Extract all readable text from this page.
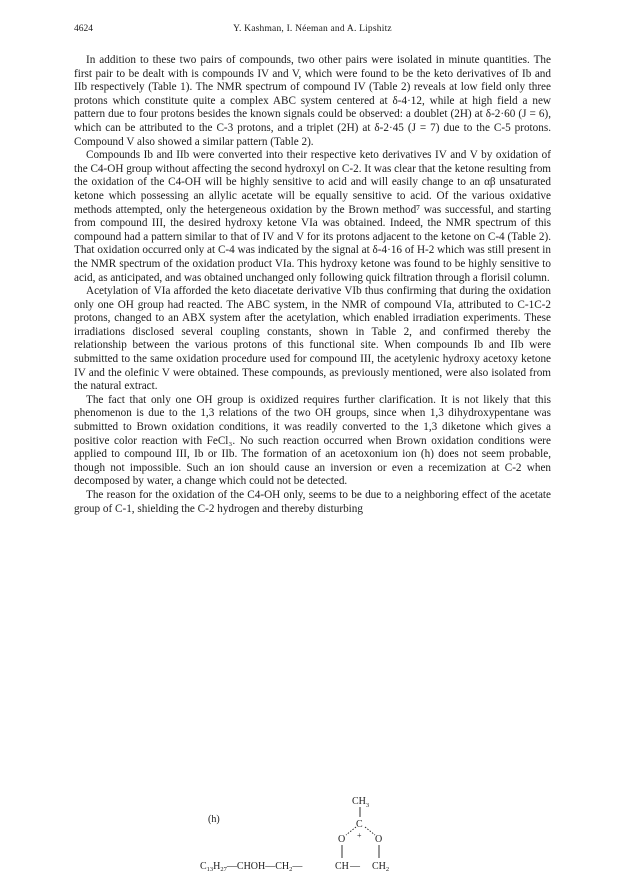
4624	Y. Kashman, I. Néeman and A. Lipshitz

In addition to these two pairs of compounds, two other pairs were isolated in minute quantities. The first pair to be dealt with is compounds IV and V, which were found to be the keto derivatives of Ib and IIb respectively (Table 1). The NMR spectrum of compound IV (Table 2) reveals at low field only three protons which constitute quite a complex ABC system centered at δ-4·12, while at high field a new pattern due to four protons besides the known signals could be observed: a doublet (2H) at δ-2·60 (J = 6), which can be attributed to the C-3 protons, and a triplet (2H) at δ-2·45 (J = 7) due to the C-5 protons. Compound V also showed a similar pattern (Table 2).

Compounds Ib and IIb were converted into their respective keto derivatives IV and V by oxidation of the C4-OH group without affecting the second hydroxyl on C-2. It was clear that the ketone resulting from the oxidation of the C4-OH will be highly sensitive to acid and will easily change to an αβ unsaturated ketone which possessing an allylic acetate will be equally sensitive to acid. Of the various oxidative methods attempted, only the hetergeneous oxidation by the Brown method⁷ was successful, and starting from compound III, the desired hydroxy ketone VIa was obtained. Indeed, the NMR spectrum of this compound had a pattern similar to that of IV and V for its protons adjacent to the ketone on C-4 (Table 2). That oxidation occurred only at C-4 was indicated by the signal at δ-4·16 of H-2 which was still present in the NMR spectrum of the oxidation product VIa. This hydroxy ketone was found to be highly sensitive to acid, as anticipated, and was obtained unchanged only following quick filtration through a florisil column.

Acetylation of VIa afforded the keto diacetate derivative VIb thus confirming that during the oxidation only one OH group had reacted. The ABC system, in the NMR of compound VIa, attributed to C-1C-2 protons, changed to an ABX system after the acetylation, which enabled irradiation experiments. These irradiations disclosed several coupling constants, shown in Table 2, and confirmed thereby the relationship between the various protons of this functional site. When compounds Ib and IIb were submitted to the same oxidation procedure used for compound III, the acetylenic hydroxy acetoxy ketone IV and the olefinic V were obtained. These compounds, as previously mentioned, were also isolated from the natural extract.

The fact that only one OH group is oxidized requires further clarification. It is not likely that this phenomenon is due to the 1,3 relations of the two OH groups, since when 1,3 dihydroxypentane was submitted to Brown oxidation conditions, it was readily converted to the 1,3 diketone which gives a positive color reaction with FeCl₃. No such reaction occurred when Brown oxidation conditions were applied to compound III, Ib or IIb. The formation of an acetoxonium ion (h) does not seem probable, though not impossible. Such an ion should cause an inversion or even a recemization at C-2 when decomposed by water, a change which could not be detected.

The reason for the oxidation of the C4-OH only, seems to be due to a neighboring effect of the acetate group of C-1, shielding the C-2 hydrogen and thereby disturbing

(h)
$CH_3$
C
+
O	O
$C_{13}H_{27}—CHOH—CH_2—$	CH — $CH_2$
